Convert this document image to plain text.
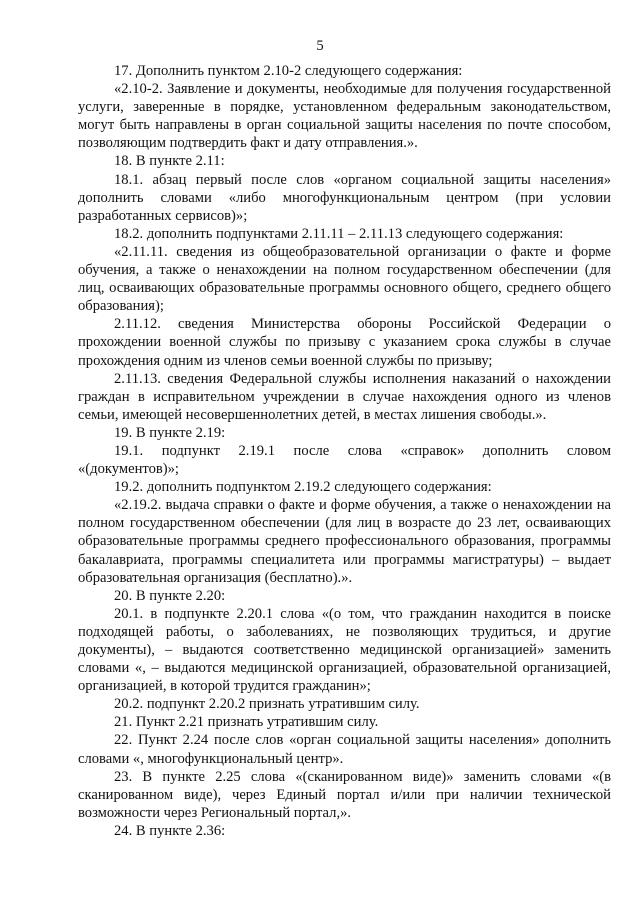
5

17. Дополнить пунктом 2.10-2 следующего содержания:

«2.10-2. Заявление и документы, необходимые для получения государственной услуги, заверенные в порядке, установленном федеральным законодательством, могут быть направлены в орган социальной защиты населения по почте способом, позволяющим подтвердить факт и дату отправления.».

18. В пункте 2.11:

18.1. абзац первый после слов «органом социальной защиты населения» дополнить словами «либо многофункциональным центром (при условии разработанных сервисов)»;

18.2. дополнить подпунктами 2.11.11 – 2.11.13 следующего содержания:

«2.11.11. сведения из общеобразовательной организации о факте и форме обучения, а также о ненахождении на полном государственном обеспечении (для лиц, осваивающих образовательные программы основного общего, среднего общего образования);

2.11.12. сведения Министерства обороны Российской Федерации о прохождении военной службы по призыву с указанием срока службы в случае прохождения одним из членов семьи военной службы по призыву;

2.11.13. сведения Федеральной службы исполнения наказаний о нахождении граждан в исправительном учреждении в случае нахождения одного из членов семьи, имеющей несовершеннолетних детей, в местах лишения свободы.».

19. В пункте 2.19:

19.1. подпункт 2.19.1 после слова «справок» дополнить словом «(документов)»;

19.2. дополнить подпунктом 2.19.2 следующего содержания:

«2.19.2. выдача справки о факте и форме обучения, а также о ненахождении на полном государственном обеспечении (для лиц в возрасте до 23 лет, осваивающих образовательные программы среднего профессионального образования, программы бакалавриата, программы специалитета или программы магистратуры) – выдает образовательная организация (бесплатно).».

20. В пункте 2.20:

20.1. в подпункте 2.20.1 слова «(о том, что гражданин находится в поиске подходящей работы, о заболеваниях, не позволяющих трудиться, и другие документы), – выдаются соответственно медицинской организацией» заменить словами «, – выдаются медицинской организацией, образовательной организацией, организацией, в которой трудится гражданин»;

20.2. подпункт 2.20.2 признать утратившим силу.

21. Пункт 2.21 признать утратившим силу.

22. Пункт 2.24 после слов «орган социальной защиты населения» дополнить словами «, многофункциональный центр».

23. В пункте 2.25 слова «(сканированном виде)» заменить словами «(в сканированном виде), через Единый портал и/или при наличии технической возможности через Региональный портал,».

24. В пункте 2.36:
